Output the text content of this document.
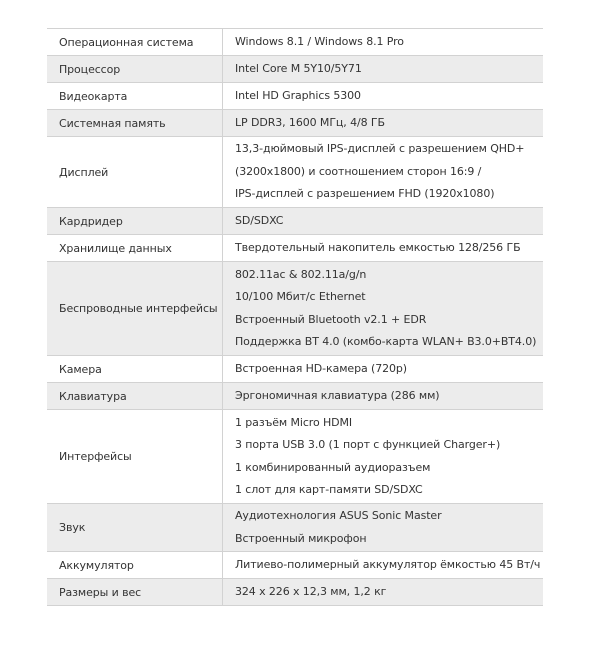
Операционная система	Windows 8.1 / Windows 8.1 Pro

Процессор	Intel Core M 5Y10/5Y71

Видеокарта	Intel HD Graphics 5300

Системная память	LP DDR3, 1600 МГц, 4/8 ГБ

Дисплей	13,3-дюймовый IPS-дисплей с разрешением QHD+
(3200x1800) и соотношением сторон 16:9 /
IPS-дисплей с разрешением FHD (1920x1080)

Кардридер	SD/SDXC

Хранилище данных	Твердотельный накопитель емкостью 128/256 ГБ

Беспроводные интерфейсы	802.11ac & 802.11a/g/n
10/100 Мбит/с Ethernet
Встроенный Bluetooth v2.1 + EDR
Поддержка BT 4.0 (комбо-карта WLAN+ B3.0+BT4.0)

Камера	Встроенная HD-камера (720p)

Клавиатура	Эргономичная клавиатура (286 мм)

Интерфейсы	1 разъём Micro HDMI
3 порта USB 3.0 (1 порт с функцией Charger+)
1 комбинированный аудиоразъем
1 слот для карт-памяти SD/SDXC

Звук	Аудиотехнология ASUS Sonic Master
Встроенный микрофон

Аккумулятор	Литиево-полимерный аккумулятор ёмкостью 45 Вт/ч

Размеры и вес	324 x 226 x 12,3 мм, 1,2 кг
